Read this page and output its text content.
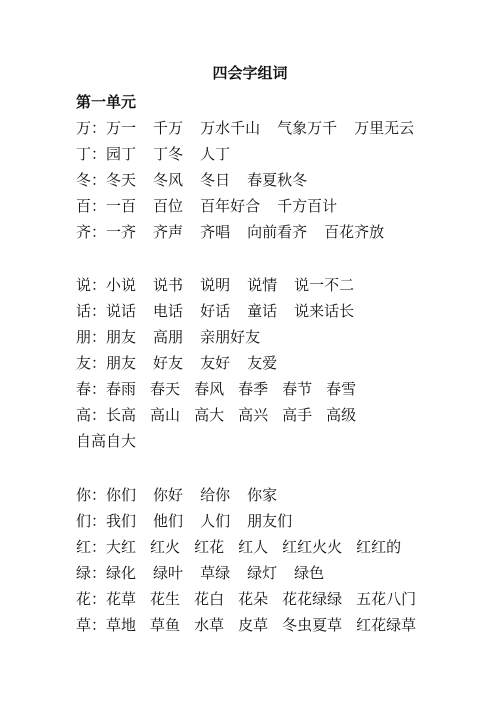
四会字组词
第一单元
万：万一 千万 万水千山 气象万千 万里无云
丁：园丁 丁冬 人丁
冬：冬天 冬风 冬日 春夏秋冬
百：一百 百位 百年好合 千方百计
齐：一齐 齐声 齐唱 向前看齐 百花齐放
说：小说 说书 说明 说情 说一不二
话：说话 电话 好话 童话 说来话长
朋：朋友 高朋 亲朋好友
友：朋友 好友 友好 友爱
春：春雨 春天 春风 春季 春节 春雪
高：长高 高山 高大 高兴 高手 高级自高自大
你：你们 你好 给你 你家
们：我们 他们 人们 朋友们
红：大红 红火 红花 红人 红红火火 红红的
绿：绿化 绿叶 草绿 绿灯 绿色
花：花草 花生 花白 花朵 花花绿绿 五花八门
草：草地 草鱼 水草 皮草 冬虫夏草 红花绿草
